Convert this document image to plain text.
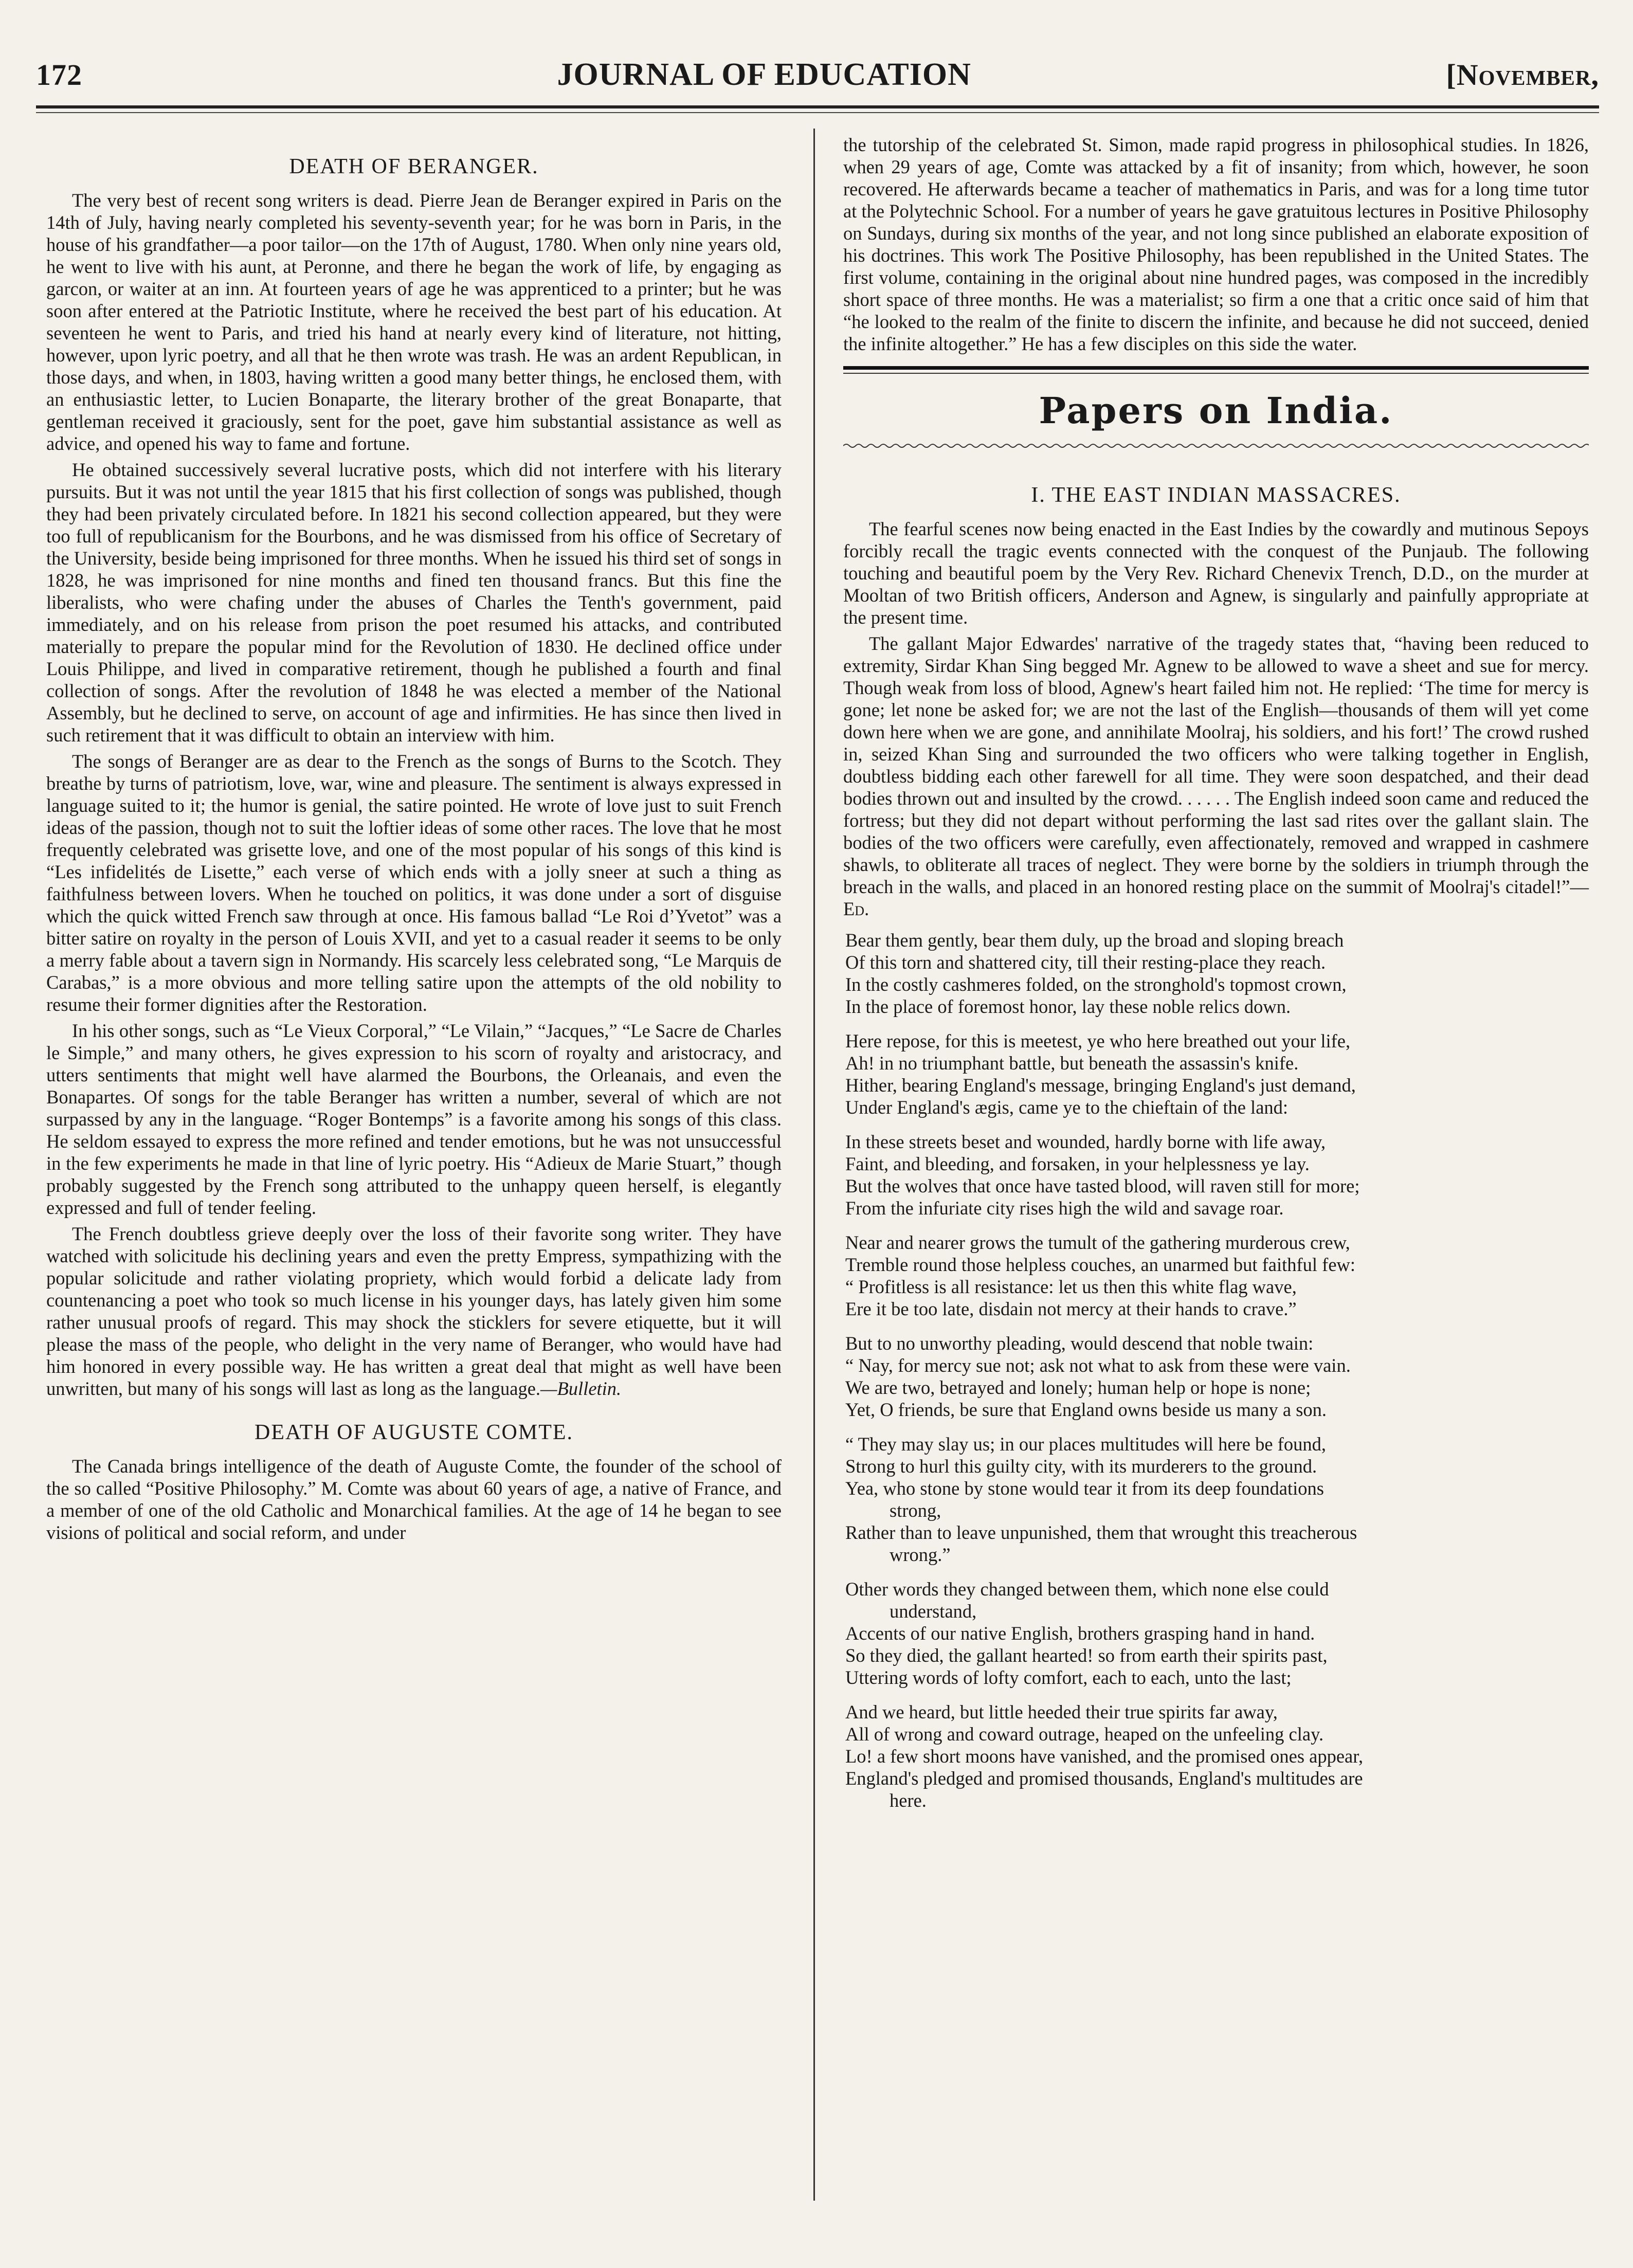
172	JOURNAL OF EDUCATION	[November,
DEATH OF BERANGER.

The very best of recent song writers is dead. Pierre Jean de Beranger expired in Paris on the 14th of July, having nearly completed his seventy-seventh year; for he was born in Paris, in the house of his grandfather—a poor tailor—on the 17th of August, 1780. When only nine years old, he went to live with his aunt, at Peronne, and there he began the work of life, by engaging as garcon, or waiter at an inn. At fourteen years of age he was apprenticed to a printer; but he was soon after entered at the Patriotic Institute, where he received the best part of his education. At seventeen he went to Paris, and tried his hand at nearly every kind of literature, not hitting, however, upon lyric poetry, and all that he then wrote was trash. He was an ardent Republican, in those days, and when, in 1803, having written a good many better things, he enclosed them, with an enthusiastic letter, to Lucien Bonaparte, the literary brother of the great Bonaparte, that gentleman received it graciously, sent for the poet, gave him substantial assistance as well as advice, and opened his way to fame and fortune.

He obtained successively several lucrative posts, which did not interfere with his literary pursuits. But it was not until the year 1815 that his first collection of songs was published, though they had been privately circulated before. In 1821 his second collection appeared, but they were too full of republicanism for the Bourbons, and he was dismissed from his office of Secretary of the University, beside being imprisoned for three months. When he issued his third set of songs in 1828, he was imprisoned for nine months and fined ten thousand francs. But this fine the liberalists, who were chafing under the abuses of Charles the Tenth's government, paid immediately, and on his release from prison the poet resumed his attacks, and contributed materially to prepare the popular mind for the Revolution of 1830. He declined office under Louis Philippe, and lived in comparative retirement, though he published a fourth and final collection of songs. After the revolution of 1848 he was elected a member of the National Assembly, but he declined to serve, on account of age and infirmities. He has since then lived in such retirement that it was difficult to obtain an interview with him.

The songs of Beranger are as dear to the French as the songs of Burns to the Scotch. They breathe by turns of patriotism, love, war, wine and pleasure. The sentiment is always expressed in language suited to it; the humor is genial, the satire pointed. He wrote of love just to suit French ideas of the passion, though not to suit the loftier ideas of some other races. The love that he most frequently celebrated was grisette love, and one of the most popular of his songs of this kind is “Les infidelités de Lisette,” each verse of which ends with a jolly sneer at such a thing as faithfulness between lovers. When he touched on politics, it was done under a sort of disguise which the quick witted French saw through at once. His famous ballad “Le Roi d’Yvetot” was a bitter satire on royalty in the person of Louis XVII, and yet to a casual reader it seems to be only a merry fable about a tavern sign in Normandy. His scarcely less celebrated song, “Le Marquis de Carabas,” is a more obvious and more telling satire upon the attempts of the old nobility to resume their former dignities after the Restoration.

In his other songs, such as “Le Vieux Corporal,” “Le Vilain,” “Jacques,” “Le Sacre de Charles le Simple,” and many others, he gives expression to his scorn of royalty and aristocracy, and utters sentiments that might well have alarmed the Bourbons, the Orleanais, and even the Bonapartes. Of songs for the table Beranger has written a number, several of which are not surpassed by any in the language. “Roger Bontemps” is a favorite among his songs of this class. He seldom essayed to express the more refined and tender emotions, but he was not unsuccessful in the few experiments he made in that line of lyric poetry. His “Adieux de Marie Stuart,” though probably suggested by the French song attributed to the unhappy queen herself, is elegantly expressed and full of tender feeling.

The French doubtless grieve deeply over the loss of their favorite song writer. They have watched with solicitude his declining years and even the pretty Empress, sympathizing with the popular solicitude and rather violating propriety, which would forbid a delicate lady from countenancing a poet who took so much license in his younger days, has lately given him some rather unusual proofs of regard. This may shock the sticklers for severe etiquette, but it will please the mass of the people, who delight in the very name of Beranger, who would have had him honored in every possible way. He has written a great deal that might as well have been unwritten, but many of his songs will last as long as the language.—Bulletin.

DEATH OF AUGUSTE COMTE.

The Canada brings intelligence of the death of Auguste Comte, the founder of the school of the so called “Positive Philosophy.” M. Comte was about 60 years of age, a native of France, and a member of one of the old Catholic and Monarchical families. At the age of 14 he began to see visions of political and social reform, and under

the tutorship of the celebrated St. Simon, made rapid progress in philosophical studies. In 1826, when 29 years of age, Comte was attacked by a fit of insanity; from which, however, he soon recovered. He afterwards became a teacher of mathematics in Paris, and was for a long time tutor at the Polytechnic School. For a number of years he gave gratuitous lectures in Positive Philosophy on Sundays, during six months of the year, and not long since published an elaborate exposition of his doctrines. This work The Positive Philosophy, has been republished in the United States. The first volume, containing in the original about nine hundred pages, was composed in the incredibly short space of three months. He was a materialist; so firm a one that a critic once said of him that “he looked to the realm of the finite to discern the infinite, and because he did not succeed, denied the infinite altogether.” He has a few disciples on this side the water.

Papers on India.
I. THE EAST INDIAN MASSACRES.

The fearful scenes now being enacted in the East Indies by the cowardly and mutinous Sepoys forcibly recall the tragic events connected with the conquest of the Punjaub. The following touching and beautiful poem by the Very Rev. Richard Chenevix Trench, D.D., on the murder at Mooltan of two British officers, Anderson and Agnew, is singularly and painfully appropriate at the present time.

The gallant Major Edwardes' narrative of the tragedy states that, “having been reduced to extremity, Sirdar Khan Sing begged Mr. Agnew to be allowed to wave a sheet and sue for mercy. Though weak from loss of blood, Agnew's heart failed him not. He replied: ‘The time for mercy is gone; let none be asked for; we are not the last of the English—thousands of them will yet come down here when we are gone, and annihilate Moolraj, his soldiers, and his fort!’ The crowd rushed in, seized Khan Sing and surrounded the two officers who were talking together in English, doubtless bidding each other farewell for all time. They were soon despatched, and their dead bodies thrown out and insulted by the crowd. . . . . . The English indeed soon came and reduced the fortress; but they did not depart without performing the last sad rites over the gallant slain. The bodies of the two officers were carefully, even affectionately, removed and wrapped in cashmere shawls, to obliterate all traces of neglect. They were borne by the soldiers in triumph through the breach in the walls, and placed in an honored resting place on the summit of Moolraj's citadel!”—Ed.

Bear them gently, bear them duly, up the broad and sloping breach
Of this torn and shattered city, till their resting-place they reach.
In the costly cashmeres folded, on the stronghold's topmost crown,
In the place of foremost honor, lay these noble relics down.
Here repose, for this is meetest, ye who here breathed out your life,
Ah! in no triumphant battle, but beneath the assassin's knife.
Hither, bearing England's message, bringing England's just demand,
Under England's ægis, came ye to the chieftain of the land:
In these streets beset and wounded, hardly borne with life away,
Faint, and bleeding, and forsaken, in your helplessness ye lay.
But the wolves that once have tasted blood, will raven still for more;
From the infuriate city rises high the wild and savage roar.
Near and nearer grows the tumult of the gathering murderous crew,
Tremble round those helpless couches, an unarmed but faithful few:
“ Profitless is all resistance: let us then this white flag wave,
Ere it be too late, disdain not mercy at their hands to crave.”
But to no unworthy pleading, would descend that noble twain:
“ Nay, for mercy sue not; ask not what to ask from these were vain.
We are two, betrayed and lonely; human help or hope is none;
Yet, O friends, be sure that England owns beside us many a son.
“ They may slay us; in our places multitudes will here be found,
Strong to hurl this guilty city, with its murderers to the ground.
Yea, who stone by stone would tear it from its deep foundations
strong,
Rather than to leave unpunished, them that wrought this treacherous
wrong.”
Other words they changed between them, which none else could
understand,
Accents of our native English, brothers grasping hand in hand.
So they died, the gallant hearted! so from earth their spirits past,
Uttering words of lofty comfort, each to each, unto the last;
And we heard, but little heeded their true spirits far away,
All of wrong and coward outrage, heaped on the unfeeling clay.
Lo! a few short moons have vanished, and the promised ones appear,
England's pledged and promised thousands, England's multitudes are
here.
